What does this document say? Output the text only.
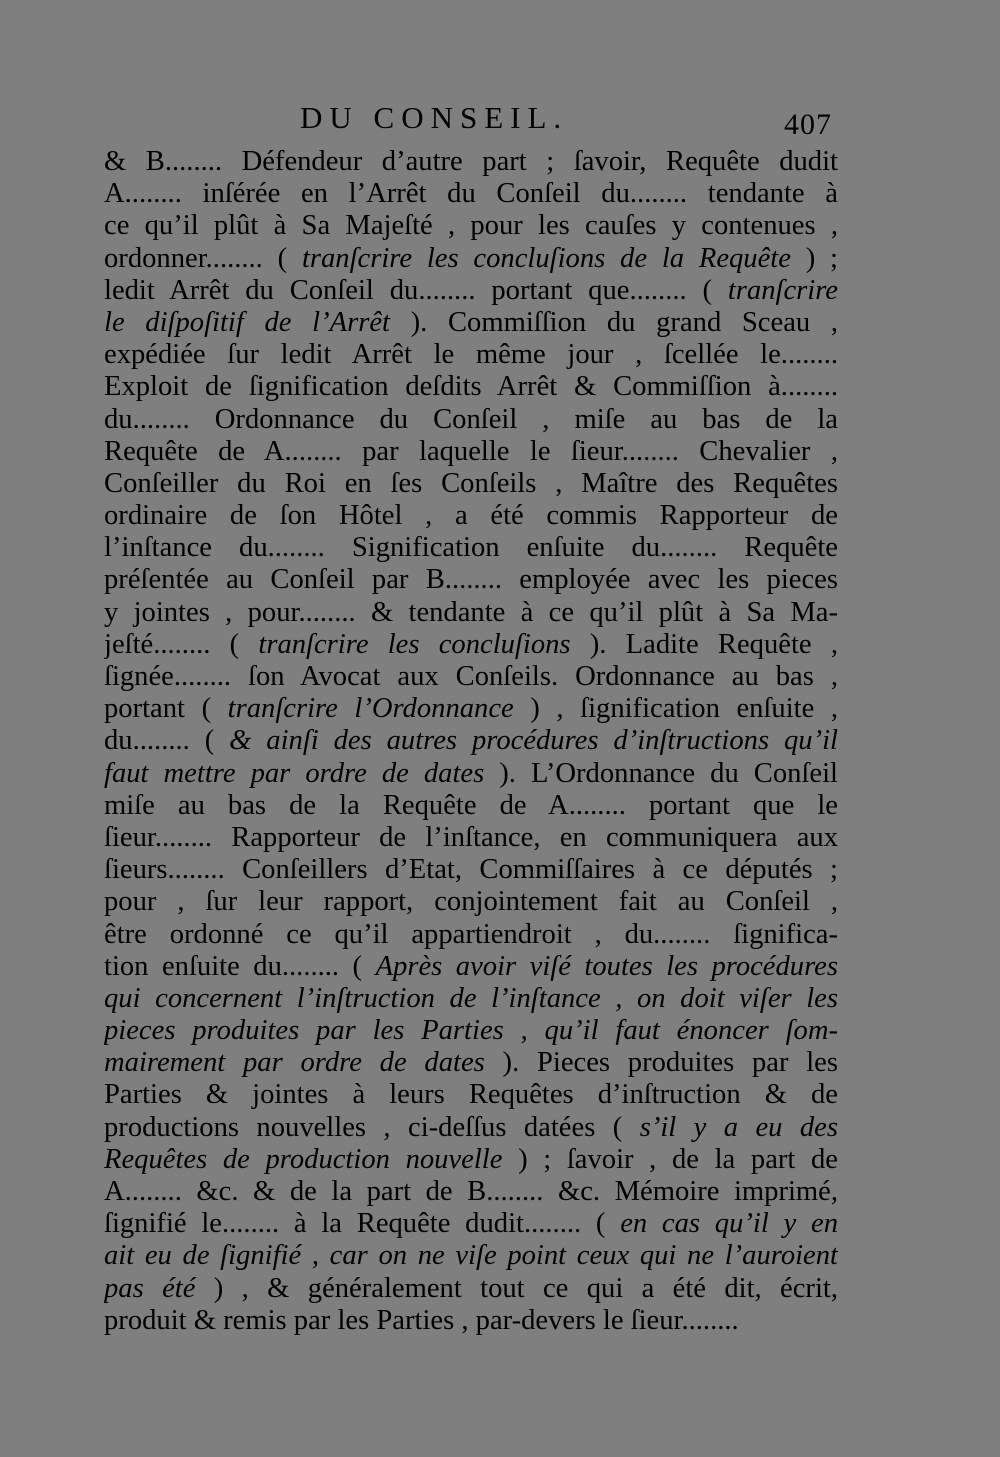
DU CONSEIL.	407
& B........ Défendeur d’autre part ; ſavoir, Requête dudit
A........ inſérée en l’Arrêt du Conſeil du........ tendante à
ce qu’il plût à Sa Majeſté , pour les cauſes y contenues ,
ordonner........ ( tranſcrire les concluſions de la Requête ) ;
ledit Arrêt du Conſeil du........ portant que........ ( tranſcrire
le diſpoſitif de l’Arrêt ). Commiſſion du grand Sceau ,
expédiée ſur ledit Arrêt le même jour , ſcellée le........
Exploit de ſignification deſdits Arrêt & Commiſſion à........
du........ Ordonnance du Conſeil , miſe au bas de la
Requête de A........ par laquelle le ſieur........ Chevalier ,
Conſeiller du Roi en ſes Conſeils , Maître des Requêtes
ordinaire de ſon Hôtel , a été commis Rapporteur de
l’inſtance du........ Signification enſuite du........ Requête
préſentée au Conſeil par B........ employée avec les pieces
y jointes , pour........ & tendante à ce qu’il plût à Sa Ma-
jeſté........ ( tranſcrire les concluſions ). Ladite Requête ,
ſignée........ ſon Avocat aux Conſeils. Ordonnance au bas ,
portant ( tranſcrire l’Ordonnance ) , ſignification enſuite ,
du........ ( & ainſi des autres procédures d’inſtructions qu’il
faut mettre par ordre de dates ). L’Ordonnance du Conſeil
miſe au bas de la Requête de A........ portant que le
ſieur........ Rapporteur de l’inſtance, en communiquera aux
ſieurs........ Conſeillers d’Etat, Commiſſaires à ce députés ;
pour , ſur leur rapport, conjointement fait au Conſeil ,
être ordonné ce qu’il appartiendroit , du........ ſignifica-
tion enſuite du........ ( Après avoir viſé toutes les procédures
qui concernent l’inſtruction de l’inſtance , on doit viſer les
pieces produites par les Parties , qu’il faut énoncer ſom-
mairement par ordre de dates ). Pieces produites par les
Parties & jointes à leurs Requêtes d’inſtruction & de
productions nouvelles , ci-deſſus datées ( s’il y a eu des
Requêtes de production nouvelle ) ; ſavoir , de la part de
A........ &c. & de la part de B........ &c. Mémoire imprimé,
ſignifié le........ à la Requête dudit........ ( en cas qu’il y en
ait eu de ſignifié , car on ne viſe point ceux qui ne l’auroient
pas été ) , & généralement tout ce qui a été dit, écrit,
produit & remis par les Parties , par-devers le ſieur........
